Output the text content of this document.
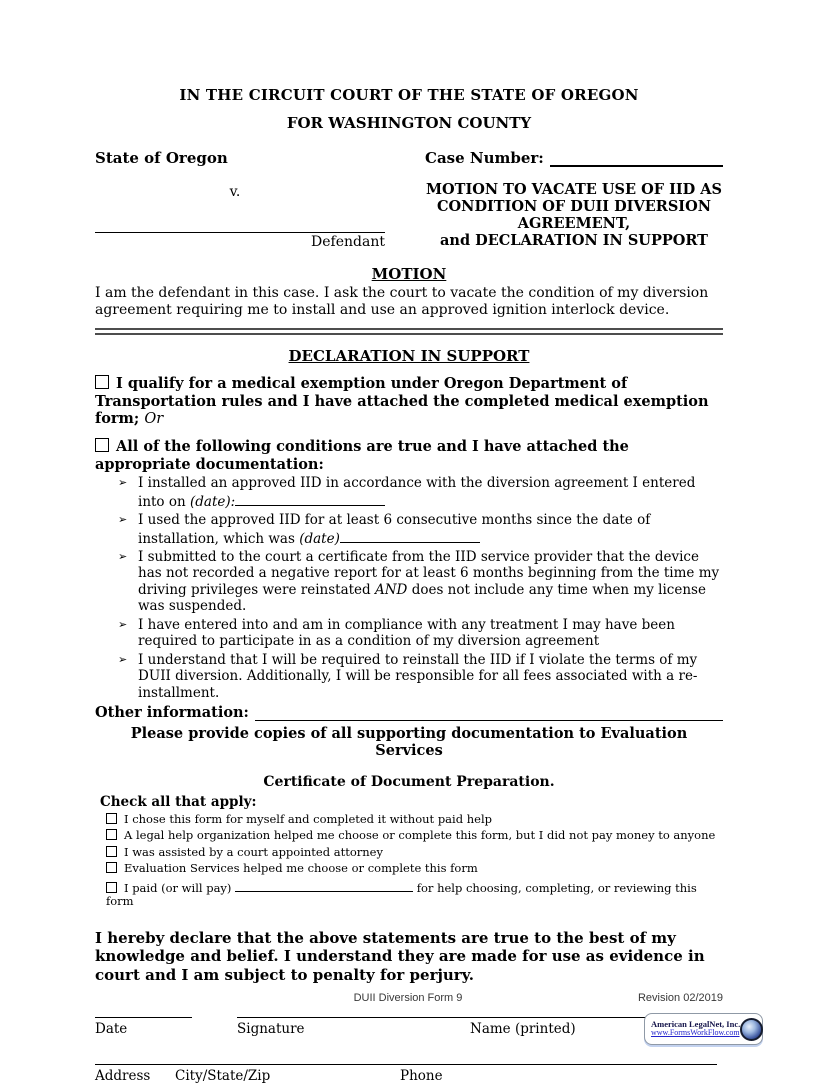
IN THE CIRCUIT COURT OF THE STATE OF OREGON
FOR WASHINGTON COUNTY
State of Oregon
v.
Defendant
Case Number:
MOTION TO VACATE USE OF IID AS
CONDITION OF DUII DIVERSION
AGREEMENT,
and DECLARATION IN SUPPORT
MOTION
I am the defendant in this case. I ask the court to vacate the condition of my diversion agreement requiring me to install and use an approved ignition interlock device.
DECLARATION IN SUPPORT
I qualify for a medical exemption under Oregon Department of Transportation rules and I have attached the completed medical exemption form; Or
All of the following conditions are true and I have attached the appropriate documentation:
➢ I installed an approved IID in accordance with the diversion agreement I entered into on (date):
➢ I used the approved IID for at least 6 consecutive months since the date of installation, which was (date)
➢ I submitted to the court a certificate from the IID service provider that the device has not recorded a negative report for at least 6 months beginning from the time my driving privileges were reinstated AND does not include any time when my license was suspended.
➢ I have entered into and am in compliance with any treatment I may have been required to participate in as a condition of my diversion agreement
➢ I understand that I will be required to reinstall the IID if I violate the terms of my DUII diversion. Additionally, I will be responsible for all fees associated with a re-installment.
Other information:
Please provide copies of all supporting documentation to Evaluation Services
Certificate of Document Preparation.
Check all that apply:
I chose this form for myself and completed it without paid help
A legal help organization helped me choose or complete this form, but I did not pay money to anyone
I was assisted by a court appointed attorney
Evaluation Services helped me choose or complete this form
I paid (or will pay)	for help choosing, completing, or reviewing this form
I hereby declare that the above statements are true to the best of my knowledge and belief. I understand they are made for use as evidence in court and I am subject to penalty for perjury.
Date	Signature	Name (printed)
Address	City/State/Zip	Phone
DUII Diversion Form 9	Revision 02/2019
American LegalNet, Inc.
www.FormsWorkFlow.com
